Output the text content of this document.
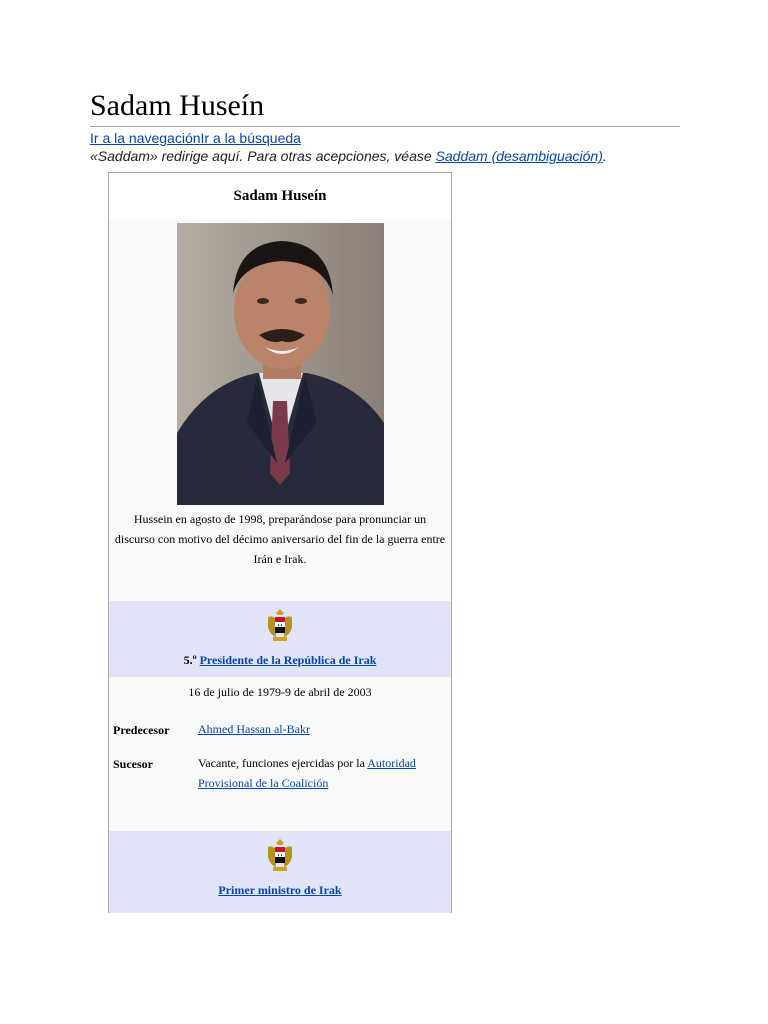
Sadam Huseín
Ir a la navegaciónIr a la búsqueda
«Saddam» redirige aquí. Para otras acepciones, véase Saddam (desambiguación).
Sadam Huseín
Hussein en agosto de 1998, preparándose para pronunciar un discurso con motivo del décimo aniversario del fin de la guerra entre Irán e Irak.
5.º Presidente de la República de Irak
16 de julio de 1979-9 de abril de 2003
Predecesor Ahmed Hassan al-Bakr
Sucesor	Vacante, funciones ejercidas por la Autoridad Provisional de la Coalición
Primer ministro de Irak
